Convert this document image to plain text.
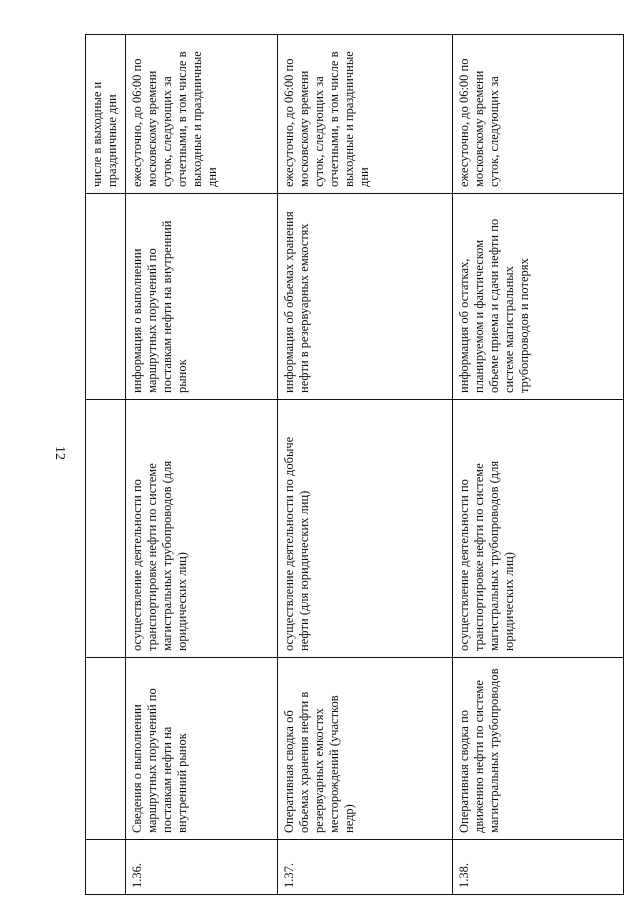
12
				числе в выходные и праздничные дни
1.36.	Сведения о выполнении маршрутных поручений по поставкам нефти на внутренний рынок	осуществление деятельности по транспортировке нефти по системе магистральных трубопроводов (для юридических лиц)	информация о выполнении маршрутных поручений по поставкам нефти на внутренний рынок	ежесуточно, до 06:00 по московскому времени суток, следующих за отчетными, в том числе в выходные и праздничные дни
1.37.	Оперативная сводка об объемах хранения нефти в резервуарных емкостях месторождений (участков недр)	осуществление деятельности по добыче нефти (для юридических лиц)	информация об объемах хранения нефти в резервуарных емкостях	ежесуточно, до 06:00 по московскому времени суток, следующих за отчетными, в том числе в выходные и праздничные дни
1.38.	Оперативная сводка по движению нефти по системе магистральных трубопроводов	осуществление деятельности по транспортировке нефти по системе магистральных трубопроводов (для юридических лиц)	информация об остатках, планируемом и фактическом объеме приема и сдачи нефти по системе магистральных трубопроводов и потерях	ежесуточно, до 06:00 по московскому времени суток, следующих за
